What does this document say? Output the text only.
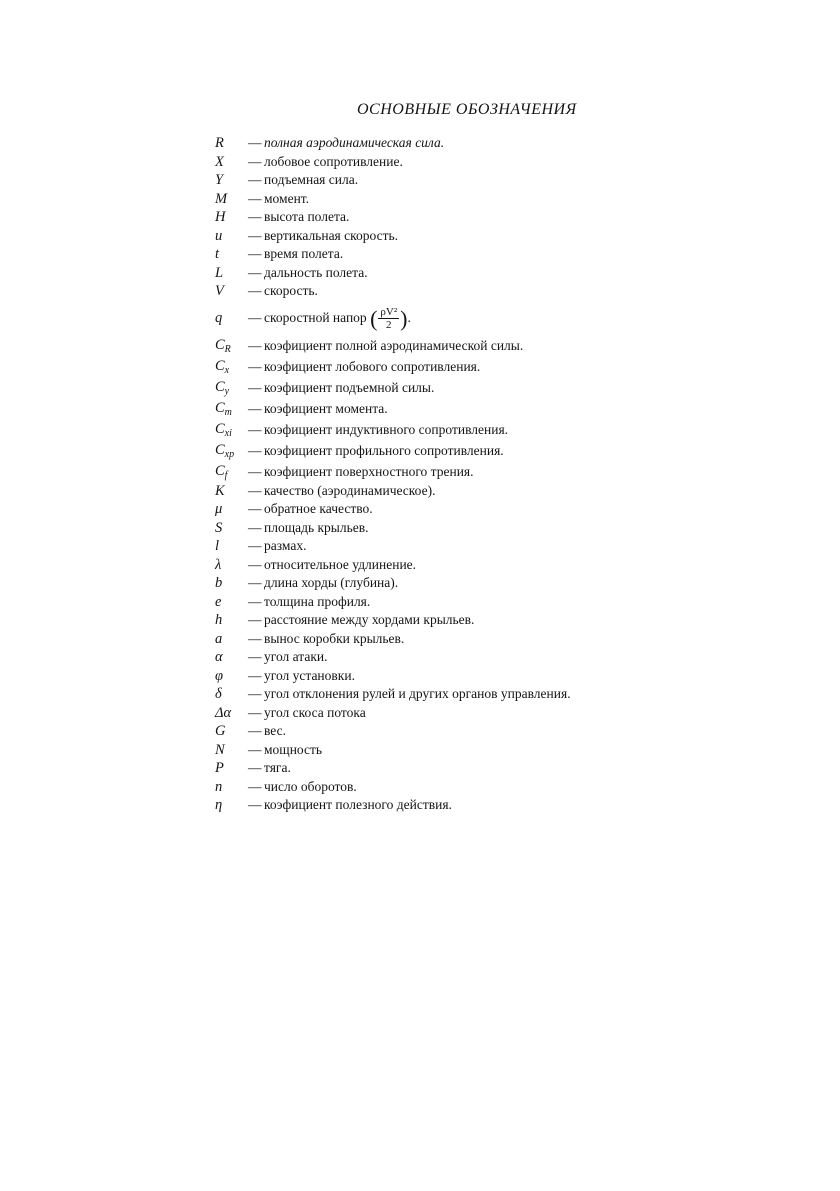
ОСНОВНЫЕ ОБОЗНАЧЕНИЯ
R	— полная аэродинамическая сила.
X	— лобовое сопротивление.
Y	— подъемная сила.
M	— момент.
H	— высота полета.
u	— вертикальная скорость.
t	— время полета.
L	— дальность полета.
V	— скорость.
q	— скоростной напор ( $\frac{\text{ρV²}}{2}$ ).
$C_R$	— коэфициент полной аэродинамической силы.
$C_x$	— коэфициент лобового сопротивления.
$C_y$	— коэфициент подъемной силы.
$C_m$	— коэфициент момента.
$C_{xi}$	— коэфициент индуктивного сопротивления.
$C_{xp}$	— коэфициент профильного сопротивления.
$C_f$	— коэфициент поверхностного трения.
K	— качество (аэродинамическое).
μ	— обратное качество.
S	— площадь крыльев.
l	— размах.
λ	— относительное удлинение.
b	— длина хорды (глубина).
e	— толщина профиля.
h	— расстояние между хордами крыльев.
a	— вынос коробки крыльев.
α	— угол атаки.
φ	— угол установки.
δ	— угол отклонения рулей и других органов управления.
Δα	— угол скоса потока
G	— вес.
N	— мощность
P	— тяга.
n	— число оборотов.
η	— коэфициент полезного действия.
